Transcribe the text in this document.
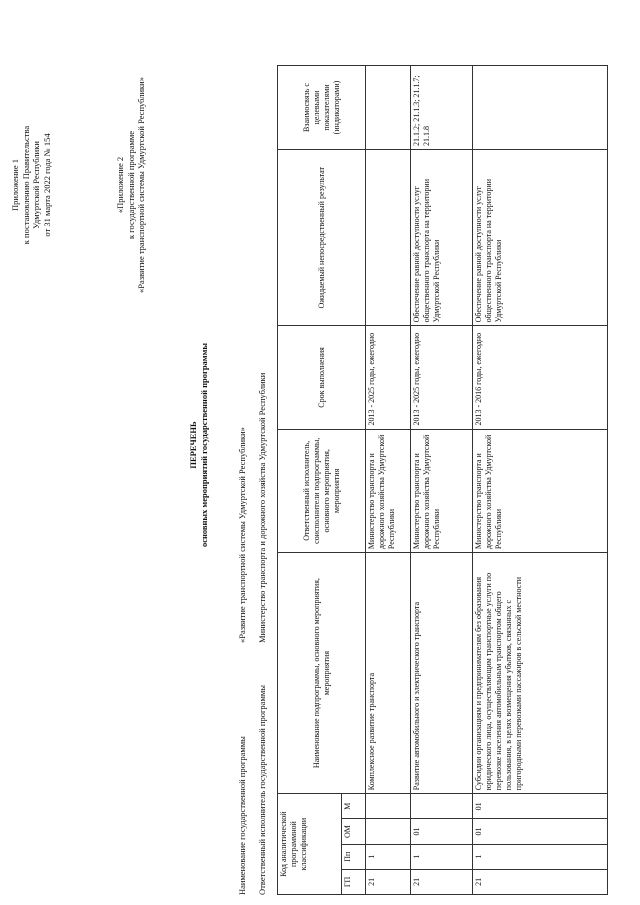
Приложение 1 к постановлению Правительства Удмуртской Республики от 31 марта 2022 года № 154	«Приложение 2 к государственной программе «Развитие транспортной системы Удмуртской Республики»
ПЕРЕЧЕНЬ основных мероприятий государственной программы
Наименование государственной программы
«Развитие транспортной системы Удмуртской Республики»
Ответственный исполнитель государственной программы
Министерство транспорта и дорожного хозяйства Удмуртской Республики
Код аналитической программной классификации				Наименование подпрограммы, основного мероприятия, мероприятия	Ответственный исполнитель, соисполнители подпрограммы, основного мероприятия, мероприятия	Срок выполнения	Ожидаемый непосредственный результат	Взаимосвязь с целевыми показателями (индикаторами)
ГП	Пп	ОМ	М					
21	1			Комплексное развитие транспорта	Министерство транспорта и дорожного хозяйства Удмуртской Республики	2013 - 2025 годы, ежегодно		
21	1	01		Развитие автомобильного и электрического транспорта	Министерство транспорта и дорожного хозяйства Удмуртской Республики	2013 - 2025 годы, ежегодно	Обеспечение равной доступности услуг общественного транспорта на территории Удмуртской Республики	21.1.2; 21.1.3; 21.1.7; 21.1.8
21	1	01	01	Субсидии организациям и предпринимателям без образования юридического лица, осуществляющим транспортные услуги по перевозке населения автомобильным транспортом общего пользования, в целях возмещения убытков, связанных с пригородными перевозками пассажиров в сельской местности	Министерство транспорта и дорожного хозяйства Удмуртской Республики	2013 - 2016 годы, ежегодно	Обеспечение равной доступности услуг общественного транспорта на территории Удмуртской Республики	
